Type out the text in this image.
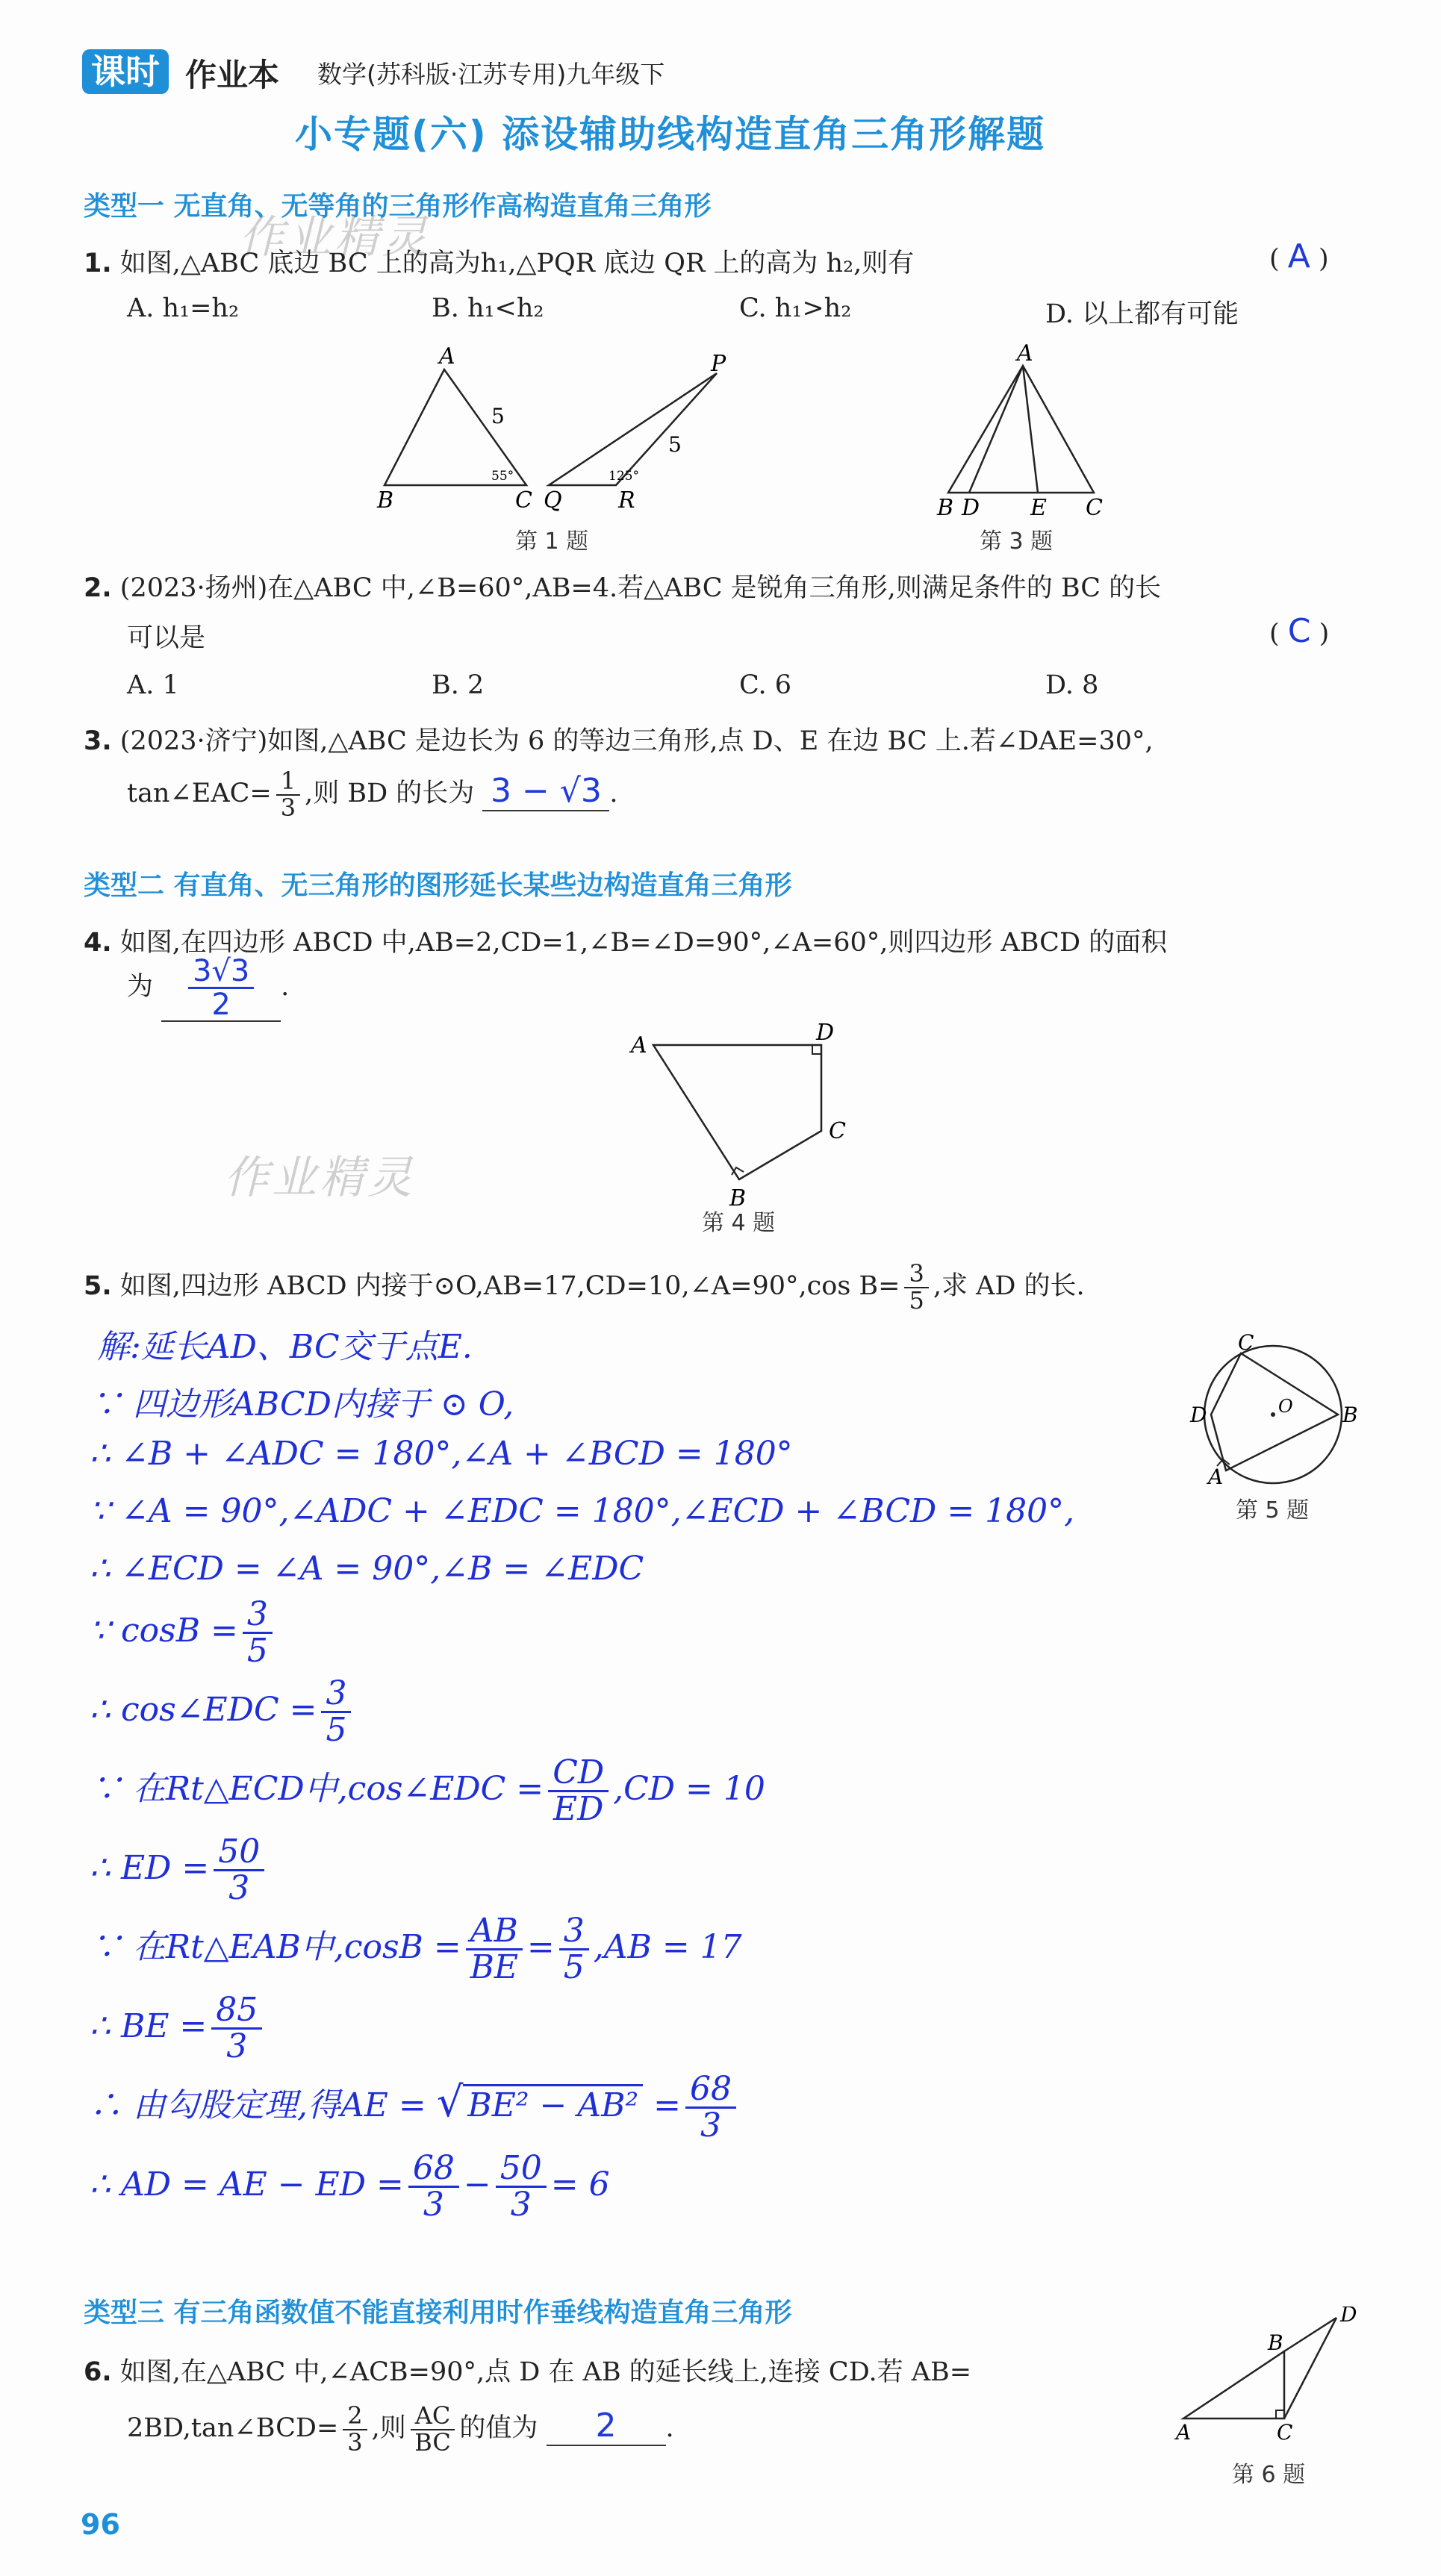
课时 作业本 数学(苏科版·江苏专用)九年级下
小专题(六) 添设辅助线构造直角三角形解题
作业精灵
作业精灵
类型一 无直角、无等角的三角形作高构造直角三角形
1. 如图,△ABC 底边 BC 上的高为h₁,△PQR 底边 QR 上的高为 h₂,则有	( A )
A. h₁=h₂	B. h₁<h₂	C. h₁>h₂	D. 以上都有可能
A
B	C
5
55°
P
Q	R
5
125°
第 1 题
A
B D E C
第 3 题
2. (2023·扬州)在△ABC 中,∠B=60°,AB=4.若△ABC 是锐角三角形,则满足条件的 BC 的长
可以是	( C )
A. 1	B. 2	C. 6	D. 8
3. (2023·济宁)如图,△ABC 是边长为 6 的等边三角形,点 D、E 在边 BC 上.若∠DAE=30°,
tan∠EAC= $\frac{1}{3}$ ,则 BD 的长为 3 − √3 .
类型二 有直角、无三角形的图形延长某些边构造直角三角形
4. 如图,在四边形 ABCD 中,AB=2,CD=1,∠B=∠D=90°,∠A=60°,则四边形 ABCD 的面积
为 $\frac{3√3}{2}$ .
A	D
C
B
第 4 题
5. 如图,四边形 ABCD 内接于⊙O,AB=17,CD=10,∠A=90°,cos $B= \frac{3}{5}$ ,求 AD 的长.
C
D
A
B
O
第 5 题
解:延长AD、BC交于点E.
∵ 四边形ABCD内接于 ⊙ O,
∴ ∠B + ∠ADC = 180°,∠A + ∠BCD = 180°
∵ ∠A = 90°,∠ADC + ∠EDC = 180°,∠ECD + ∠BCD = 180°,
∴ ∠ECD = ∠A = 90°,∠B = ∠EDC
∵ $\cos B = \frac{3}{5}$
∴ cos∠EDC = $\frac{3}{5}$
∵ 在Rt△ECD中,cos∠EDC = $\frac{CD}{ED} ,CD = 10$
∴ ED = $\frac{50}{3}$
∵ 在Rt△EAB中$,\cos B = \frac{AB}{BE} = \frac{3}{5} ,AB = 17$
∴ BE = $\frac{85}{3}$
∴ 由勾股定理,得AE = √ $BE^2 - AB^2 = \frac{68}{3}$
∴ AD = AE − ED = $\frac{68}{3} - \frac{50}{3} = 6$
类型三 有三角函数值不能直接利用时作垂线构造直角三角形
6. 如图,在△ABC 中,∠ACB=90°,点 D 在 AB 的延长线上,连接 CD.若 AB=
2BD,tan∠BCD= $\frac{2}{3}$ ,则 $\frac{AC}{BC}$ 的值为 2 .	A	C
B
D
第 6 题
96
